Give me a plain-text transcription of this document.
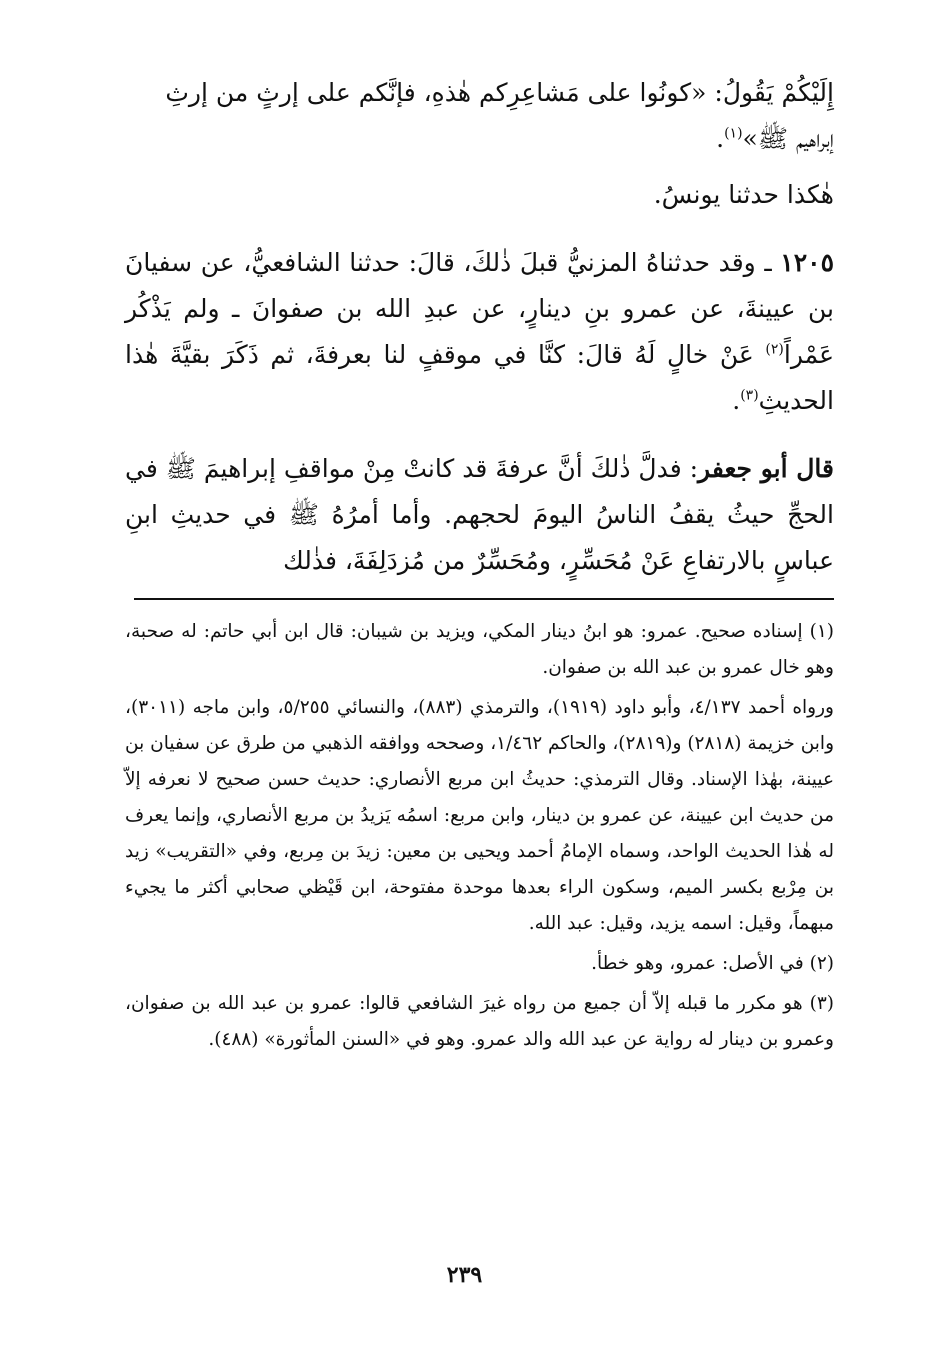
إِلَيْكُمْ يَقُولُ: «كونُوا على مَشاعِرِكم هٰذهِ، فإنَّكم على إرثٍ من إرثِ
إبراهيم ﷺ»$^{(١)}$.

هٰكذا حدثنا يونسُ.

١٢٠٥ ـ وقد حدثناهُ المزنيُّ قبلَ ذٰلكَ، قالَ: حدثنا الشافعيُّ، عن سفيانَ بن عيينةَ، عن عمرو بنِ دينارٍ، عن عبدِ الله بن صفوانَ ـ ولم يَذْكُر عَمْراً$^{(٢)}$ عَنْ خالٍ لَهُ قالَ: كنَّا في موقفٍ لنا بعرفةَ، ثم ذَكَرَ بقيَّةَ هٰذا الحديثِ$^{(٣)}$.

قال أبو جعفر: فدلَّ ذٰلكَ أنَّ عرفةَ قد كانتْ مِنْ مواقفِ إبراهيمَ ﷺ في الحجِّ حيثُ يقفُ الناسُ اليومَ لحجهم. وأما أمرُهُ ﷺ في حديثِ ابنِ عباسٍ بالارتفاعِ عَنْ مُحَسِّرٍ، ومُحَسِّرٌ من مُزدَلِفَةَ، فذٰلك

(١) إسناده صحيح. عمرو: هو ابنُ دينار المكي، ويزيد بن شيبان: قال ابن أبي حاتم: له صحبة، وهو خال عمرو بن عبد الله بن صفوان.

ورواه أحمد ٤/١٣٧، وأبو داود (١٩١٩)، والترمذي (٨٨٣)، والنسائي ٥/٢٥٥، وابن ماجه (٣٠١١)، وابن خزيمة (٢٨١٨) و(٢٨١٩)، والحاكم ١/٤٦٢، وصححه ووافقه الذهبي من طرق عن سفيان بن عيينة، بهٰذا الإسناد. وقال الترمذي: حديثُ ابن مربع الأنصاري: حديث حسن صحيح لا نعرفه إلاّ من حديث ابن عيينة، عن عمرو بن دينار، وابن مربع: اسمُه يَزيدُ بن مربع الأنصاري، وإنما يعرف له هٰذا الحديث الواحد، وسماه الإمامُ أحمد ويحيى بن معين: زيدَ بن مِربع، وفي «التقريب» زيد بن مِرْبع بكسر الميم، وسكون الراء بعدها موحدة مفتوحة، ابن قَيْظي صحابي أكثر ما يجيء مبهماً، وقيل: اسمه يزيد، وقيل: عبد الله.

(٢) في الأصل: عمرو، وهو خطأ.

(٣) هو مكرر ما قبله إلاّ أن جميع من رواه غيرَ الشافعي قالوا: عمرو بن عبد الله بن صفوان، وعمرو بن دينار له رواية عن عبد الله والد عمرو. وهو في «السنن المأثورة» (٤٨٨).

٢٣٩
